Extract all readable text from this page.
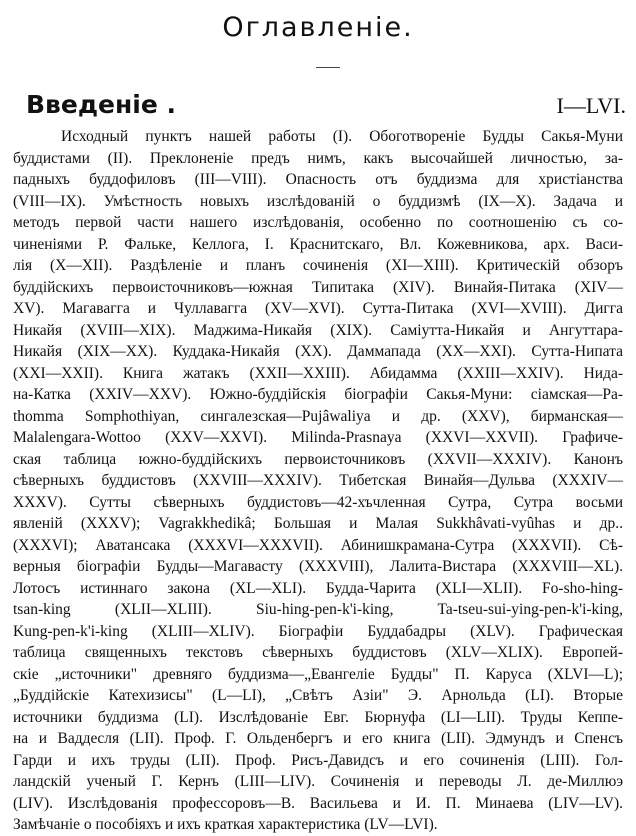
Оглавленіе.
Введеніе .	I—LVI.
Исходный пунктъ нашей работы (I). Обоготвореніе Будды Сакья-Муни
буддистами (II). Преклоненіе предъ нимъ, какъ высочайшей личностью, за-
падныхъ буддофиловъ (III—VIII). Опасность отъ буддизма для христіанства
(VIII—IX). Умѣстность новыхъ изслѣдованій о буддизмѣ (IX—X). Задача и
методъ первой части нашего изслѣдованія, особенно по соотношенію съ со-
чиненіями Р. Фальке, Келлога, I. Краснитскаго, Вл. Кожевникова, арх. Васи-
лія (X—XII). Раздѣленіе и планъ сочиненія (XI—XIII). Критическій обзоръ
буддійскихъ первоисточниковъ—южная Типитака (XIV). Винайя-Питака (XIV—
XV). Магавагга и Чуллавагга (XV—XVI). Сутта-Питака (XVI—XVIII). Дигга
Никайя (XVIII—XIX). Маджима-Никайя (XIX). Саміутта-Никайя и Ангуттара-
Никайя (XIX—XX). Куддака-Никайя (XX). Даммапада (XX—XXI). Сутта-Нипата
(XXI—XXII). Книга жатакъ (XXII—XXIII). Абидамма (XXIII—XXIV). Нида-
на-Катка (XXIV—XXV). Южно-буддійскія біографіи Сакья-Муни: сіамская—Pa-
thomma Somphothiyan, сингалезская—Pujâwaliya и др. (XXV), бирманская—
Malalengara-Wottoo (XXV—XXVI). Milinda-Prasnaya (XXVI—XXVII). Графиче-
ская таблица южно-буддійскихъ первоисточниковъ (XXVII—XXXIV). Канонъ
сѣверныхъ буддистовъ (XXVIII—XXXIV). Тибетская Винайя—Дульва (XXXIV—
XXXV). Сутты сѣверныхъ буддистовъ—42-хъчленная Сутра, Сутра восьми
явленій (XXXV); Vagrakkhedikâ; Большая и Малая Sukkhâvati-vyûhas и др..
(XXXVI); Аватансака (XXXVI—XXXVII). Абинишкрамана-Сутра (XXXVII). Сѣ-
верныя біографіи Будды—Магавасту (XXXVIII), Лалита-Вистара (XXXVIII—XL).
Лотосъ истиннаго закона (XL—XLI). Будда-Чарита (XLI—XLII). Fo-sho-hing-
tsan-king (XLII—XLIII). Siu-hing-pen-k'i-king, Ta-tseu-sui-ying-pen-k'i-king,
Kung-pen-k'i-king (XLIII—XLIV). Біографіи Буддабадры (XLV). Графическая
таблица священныхъ текстовъ сѣверныхъ буддистовъ (XLV—XLIX). Европей-
скіе „источники" древняго буддизма—„Евангеліе Будды" П. Каруса (XLVI—L);
„Буддійскіе Катехизисы" (L—LI), „Свѣтъ Азіи" Э. Арнольда (LI). Вторые
источники буддизма (LI). Изслѣдованіе Евг. Бюрнуфа (LI—LII). Труды Кеппе-
на и Ваддеcля (LII). Проф. Г. Ольденбергъ и его книга (LII). Эдмундъ и Спенсъ
Гарди и ихъ труды (LII). Проф. Рисъ-Давидсъ и его сочиненія (LIII). Гол-
ландскій ученый Г. Кернъ (LIII—LIV). Сочиненія и переводы Л. де-Миллюэ
(LIV). Изслѣдованія профессоровъ—В. Васильева и И. П. Минаева (LIV—LV).
Замѣчаніе о пособіяхъ и ихъ краткая характеристика (LV—LVI).
